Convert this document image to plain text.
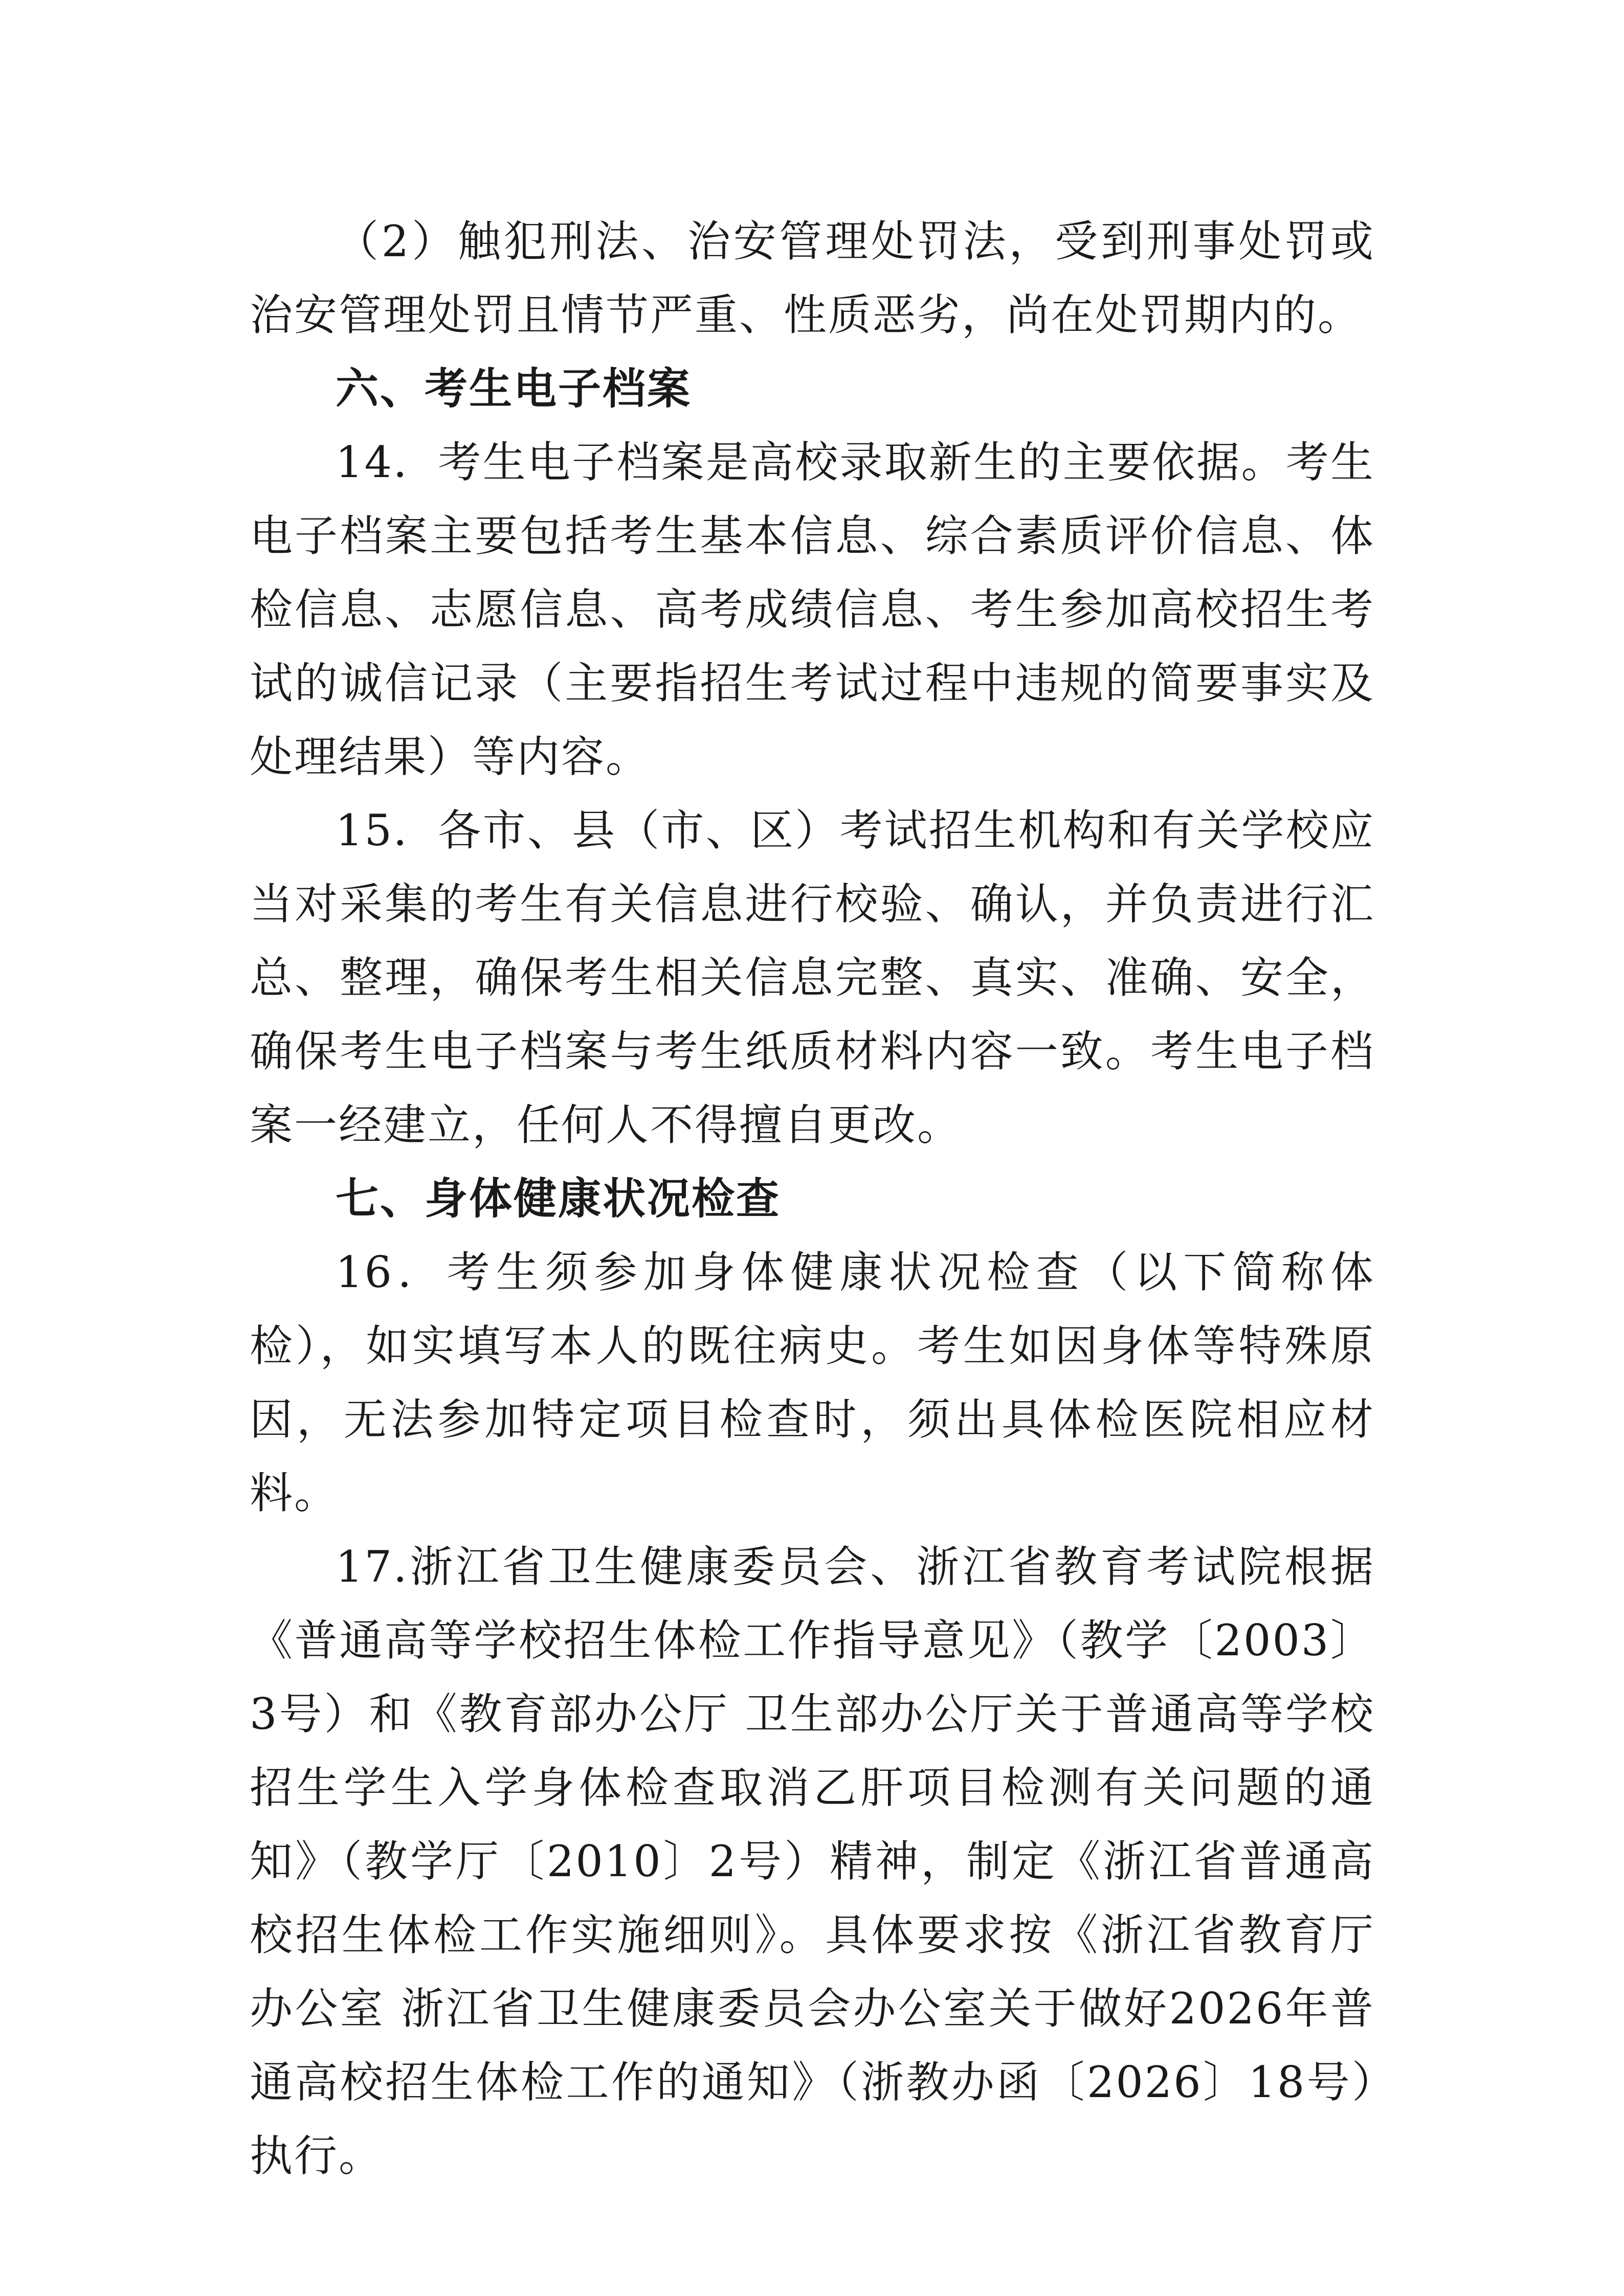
（2）触犯刑法、治安管理处罚法，受到刑事处罚或治安管理处罚且情节严重、性质恶劣，尚在处罚期内的。

六、考生电子档案

14．考生电子档案是高校录取新生的主要依据。考生电子档案主要包括考生基本信息、综合素质评价信息、体检信息、志愿信息、高考成绩信息、考生参加高校招生考试的诚信记录（主要指招生考试过程中违规的简要事实及处理结果）等内容。

15．各市、县（市、区）考试招生机构和有关学校应当对采集的考生有关信息进行校验、确认，并负责进行汇总、整理，确保考生相关信息完整、真实、准确、安全，确保考生电子档案与考生纸质材料内容一致。考生电子档案一经建立，任何人不得擅自更改。

七、身体健康状况检查

16．考生须参加身体健康状况检查（以下简称体检），如实填写本人的既往病史。考生如因身体等特殊原因，无法参加特定项目检查时，须出具体检医院相应材料。

17.浙江省卫生健康委员会、浙江省教育考试院根据《普通高等学校招生体检工作指导意见》（教学〔2003〕3号）和《教育部办公厅 卫生部办公厅关于普通高等学校招生学生入学身体检查取消乙肝项目检测有关问题的通知》（教学厅〔2010〕2号）精神，制定《浙江省普通高校招生体检工作实施细则》。具体要求按《浙江省教育厅办公室 浙江省卫生健康委员会办公室关于做好2026年普通高校招生体检工作的通知》（浙教办函〔2026〕18号）执行。
